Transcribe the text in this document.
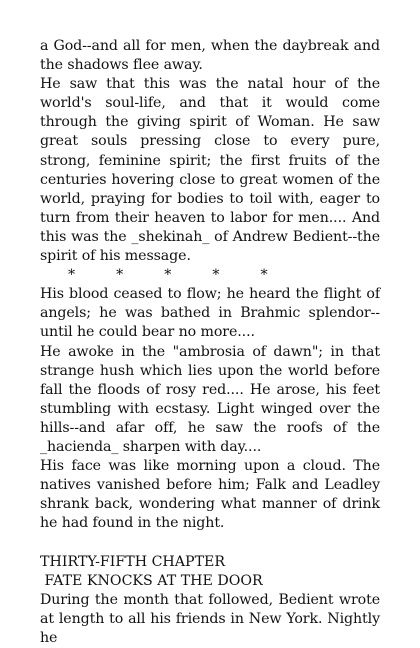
a God--and all for men, when the daybreak and the shadows flee away.

He saw that this was the natal hour of the world's soul-life, and that it would come through the giving spirit of Woman. He saw great souls pressing close to every pure, strong, feminine spirit; the first fruits of the centuries hovering close to great women of the world, praying for bodies to toil with, eager to turn from their heaven to labor for men.... And this was the _shekinah_ of Andrew Bedient--the spirit of his message.

*  *  *  *  *

His blood ceased to flow; he heard the flight of angels; he was bathed in Brahmic splendor--until he could bear no more....

He awoke in the "ambrosia of dawn"; in that strange hush which lies upon the world before fall the floods of rosy red.... He arose, his feet stumbling with ecstasy. Light winged over the hills--and afar off, he saw the roofs of the _hacienda_ sharpen with day....

His face was like morning upon a cloud. The natives vanished before him; Falk and Leadley shrank back, wondering what manner of drink he had found in the night.

THIRTY-FIFTH CHAPTER

FATE KNOCKS AT THE DOOR

During the month that followed, Bedient wrote at length to all his friends in New York. Nightly he
